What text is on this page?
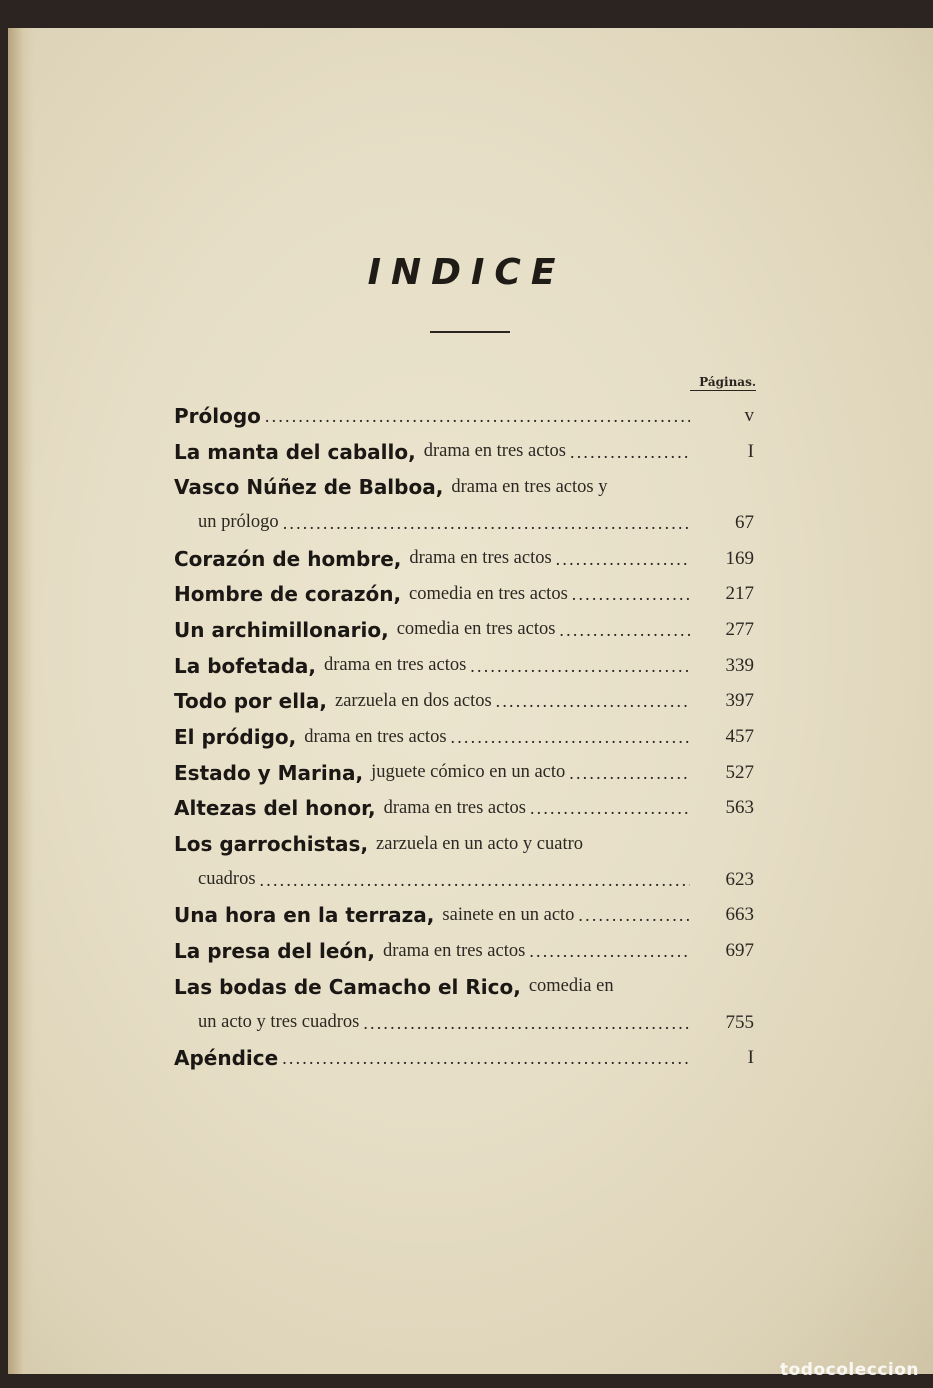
INDICE
Páginas.
Prólogo .....	v
La manta del caballo, drama en tres actos .....	I
Vasco Núñez de Balboa, drama en tres actos y
un prólogo .....	67
Corazón de hombre, drama en tres actos .....	169
Hombre de corazón, comedia en tres actos .....	217
Un archimillonario, comedia en tres actos .....	277
La bofetada, drama en tres actos .....	339
Todo por ella, zarzuela en dos actos .....	397
El pródigo, drama en tres actos .....	457
Estado y Marina, juguete cómico en un acto .....	527
Altezas del honor, drama en tres actos .....	563
Los garrochistas, zarzuela en un acto y cuatro
cuadros .....	623
Una hora en la terraza, sainete en un acto .....	663
La presa del león, drama en tres actos .....	697
Las bodas de Camacho el Rico, comedia en
un acto y tres cuadros .....	755
Apéndice .....	I
todocoleccion
